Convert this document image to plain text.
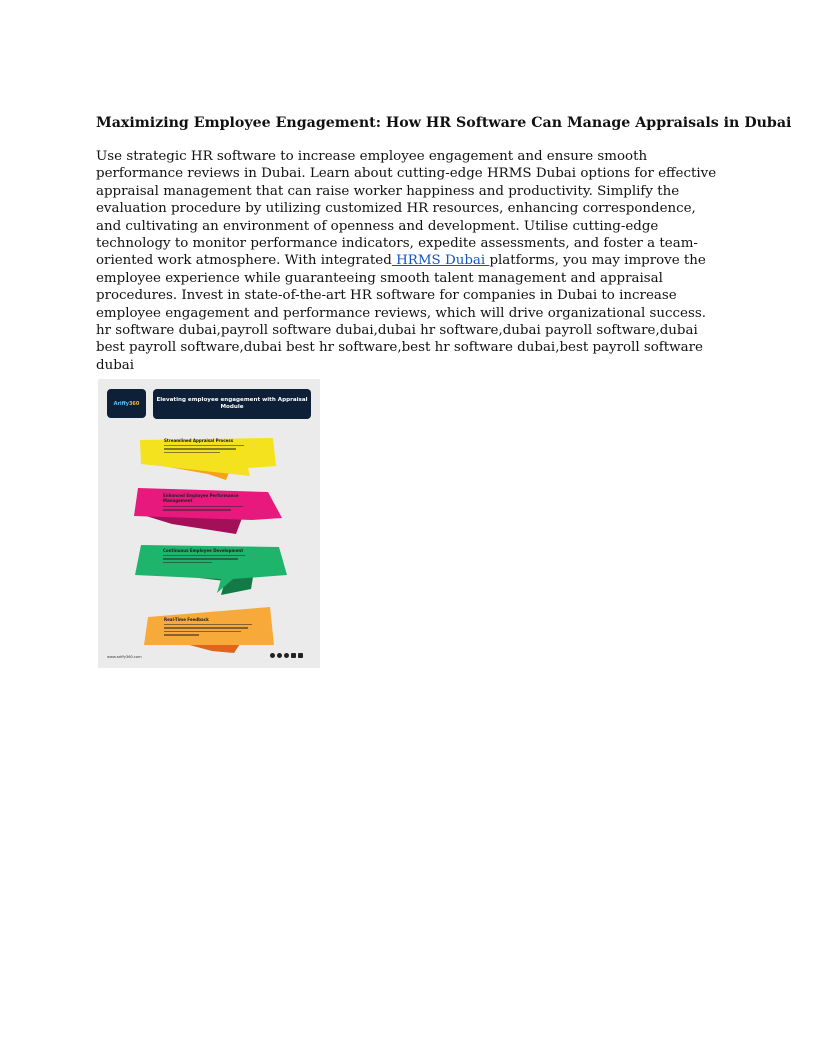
Maximizing Employee Engagement: How HR Software Can Manage Appraisals in Dubai

Use strategic HR software to increase employee engagement and ensure smooth performance reviews in Dubai. Learn about cutting-edge HRMS Dubai options for effective appraisal management that can raise worker happiness and productivity. Simplify the evaluation procedure by utilizing customized HR resources, enhancing correspondence, and cultivating an environment of openness and development. Utilise cutting-edge technology to monitor performance indicators, expedite assessments, and foster a team-oriented work atmosphere. With integrated HRMS Dubai platforms, you may improve the employee experience while guaranteeing smooth talent management and appraisal procedures. Invest in state-of-the-art HR software for companies in Dubai to increase employee engagement and performance reviews, which will drive organizational success.

hr software dubai,payroll software dubai,dubai hr software,dubai payroll software,dubai best payroll software,dubai best hr software,best hr software dubai,best payroll software dubai

Ariffy360
Elevating employee engagement with Appraisal Module
Streamlined Appraisal Process
Enhanced Employee Performance Management
Continuous Employee Development
Real-Time Feedback
www.ariffy360.com
